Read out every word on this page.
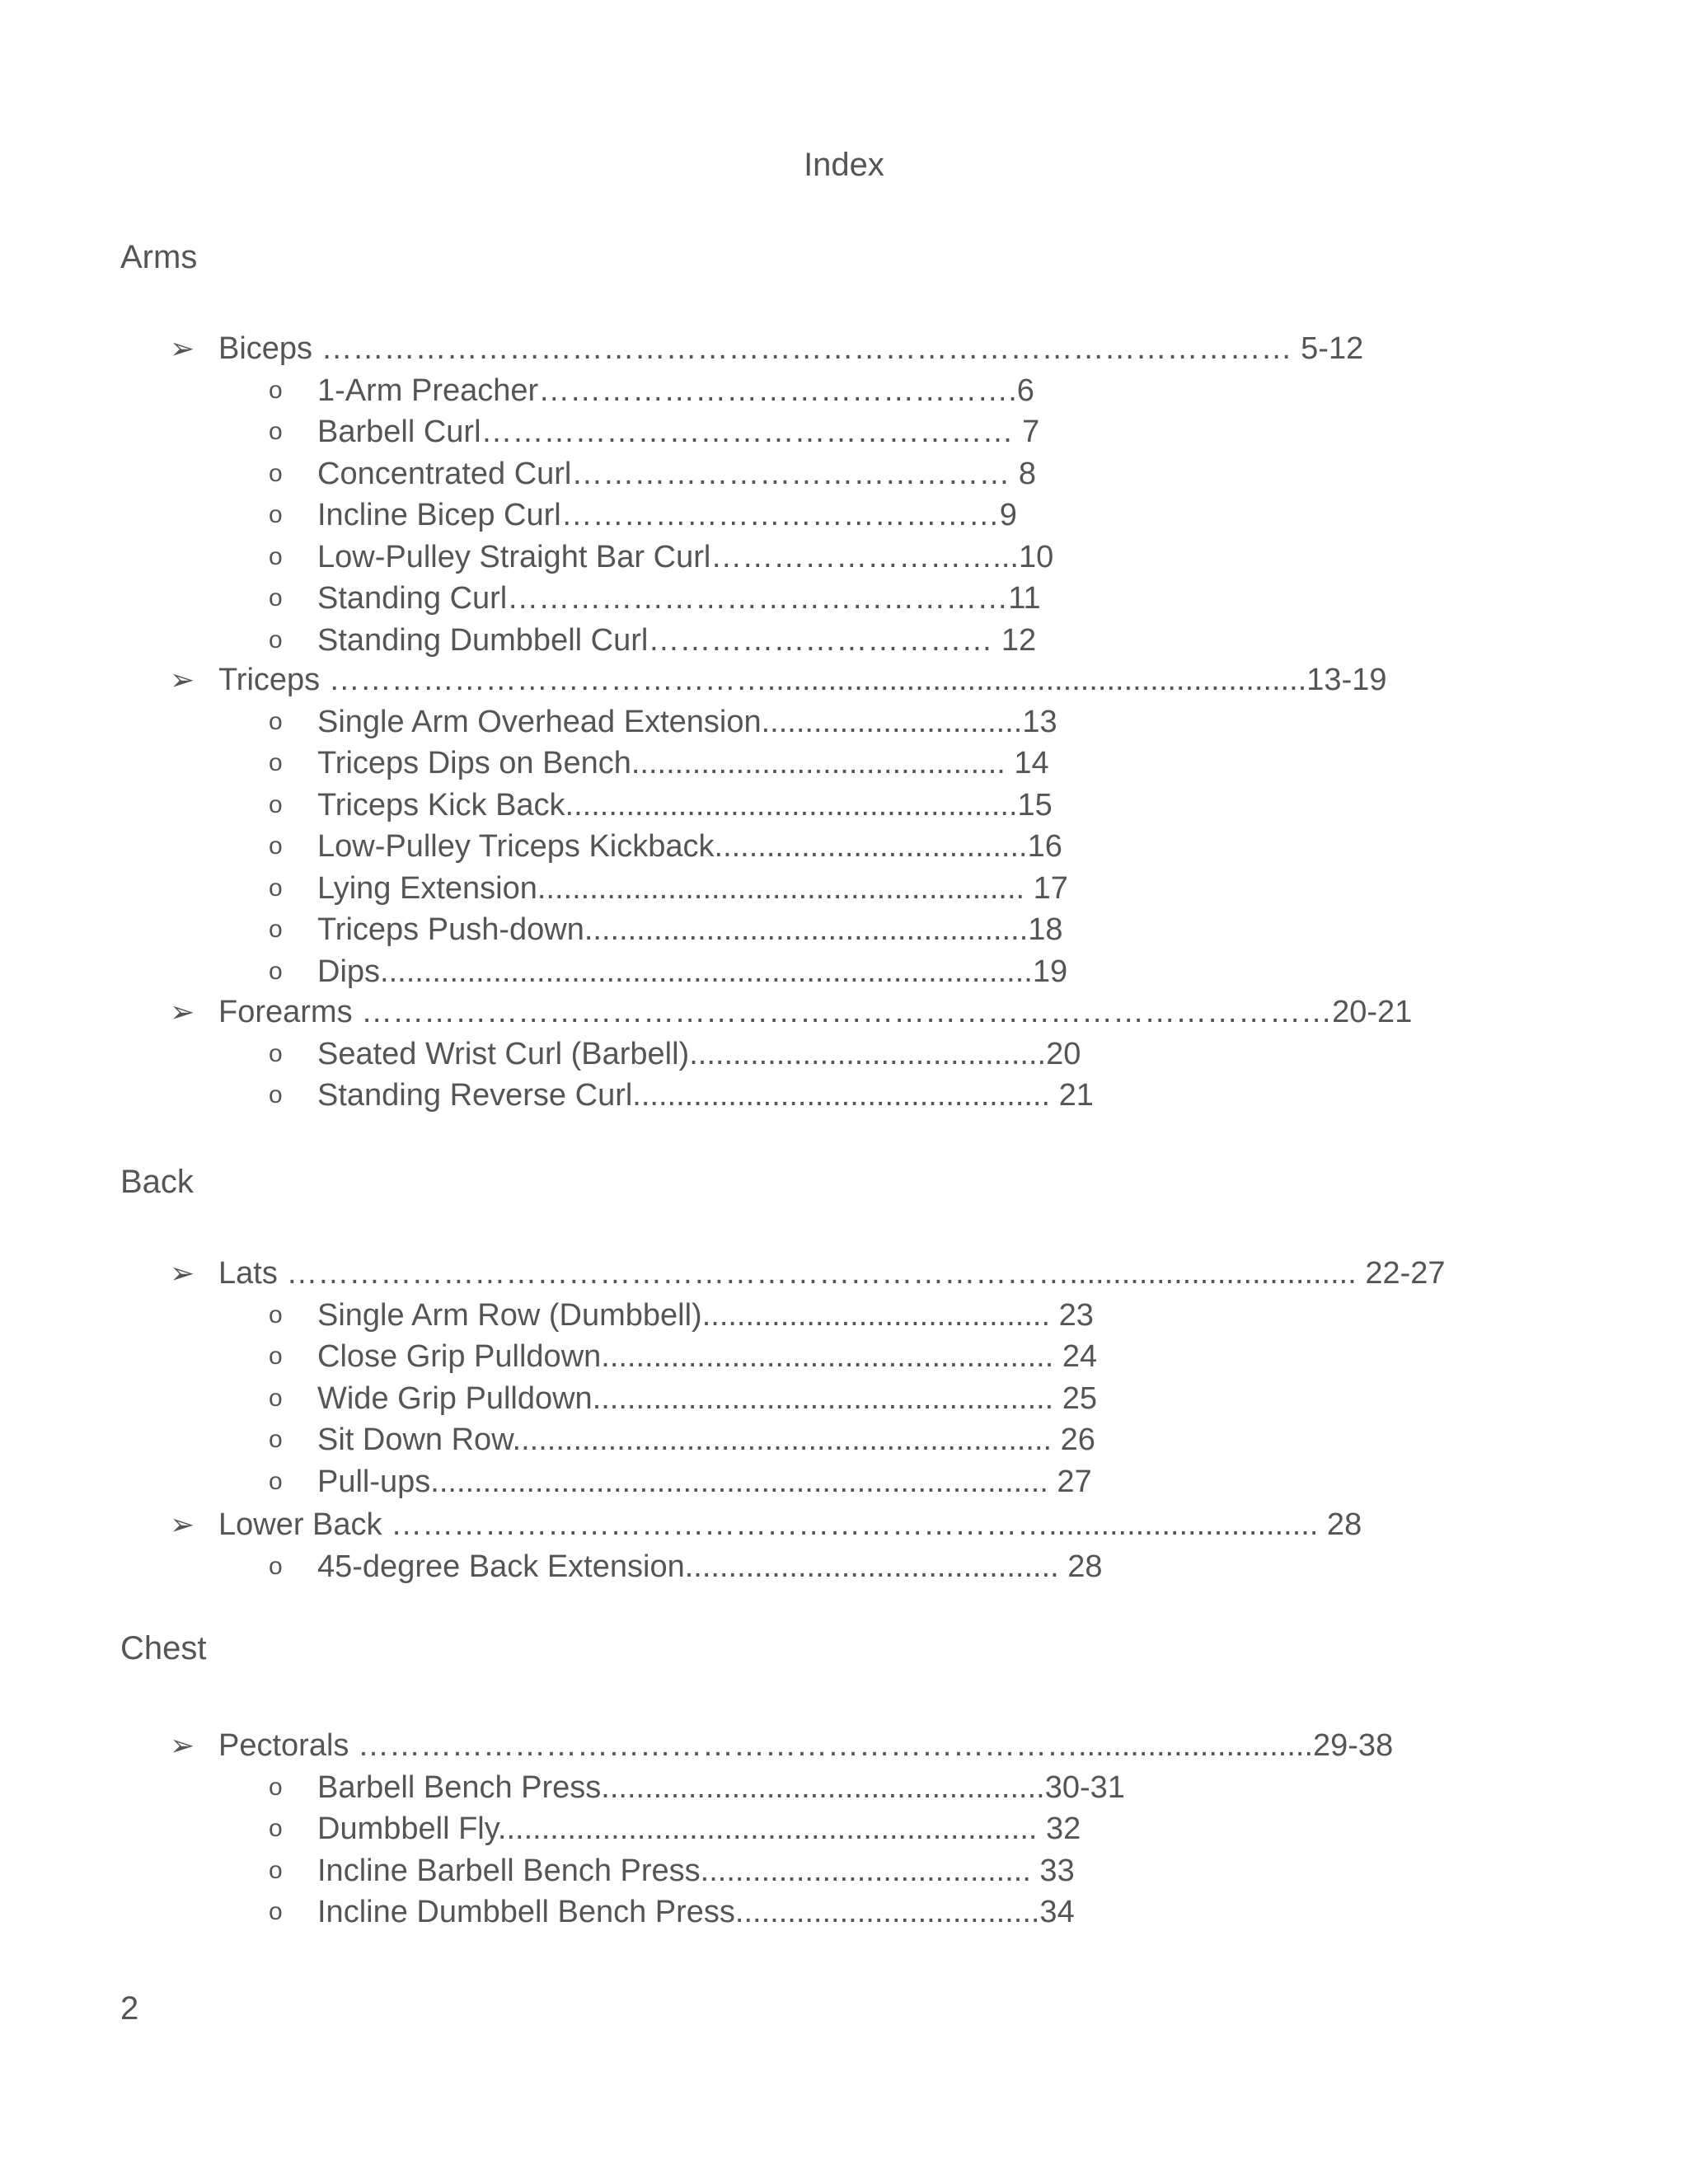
Index
Arms
Back
Chest
➢ Biceps ………………………………………………………………………………… 5-12
o 1-Arm Preacher……………………………………….6
o Barbell Curl…………………………………………… 7
o Concentrated Curl…………………………………… 8
o Incline Bicep Curl……………………………………9
o Low-Pulley Straight Bar Curl………………………...10
o Standing Curl…………………………………………11
o Standing Dumbbell Curl…………………………… 12
➢ Triceps ……………………………………..............................................................13-19
o Single Arm Overhead Extension..............................13
o Triceps Dips on Bench........................................... 14
o Triceps Kick Back....................................................15
o Low-Pulley Triceps Kickback....................................16
o Lying Extension........................................................ 17
o Triceps Push-down...................................................18
o Dips...........................................................................19
➢ Forearms …………………………………………………………………………………20-21
o Seated Wrist Curl (Barbell).........................................20
o Standing Reverse Curl................................................ 21
➢ Lats …………………………………………………………………................................. 22-27
o Single Arm Row (Dumbbell)........................................ 23
o Close Grip Pulldown.................................................... 24
o Wide Grip Pulldown..................................................... 25
o Sit Down Row.............................................................. 26
o Pull-ups....................................................................... 27
➢ Lower Back ………………………………………………………............................... 28
o 45-degree Back Extension........................................... 28
➢ Pectorals ……………………………………………………………...........................29-38
o Barbell Bench Press...................................................30-31
o Dumbbell Fly.............................................................. 32
o Incline Barbell Bench Press...................................... 33
o Incline Dumbbell Bench Press...................................34
2
